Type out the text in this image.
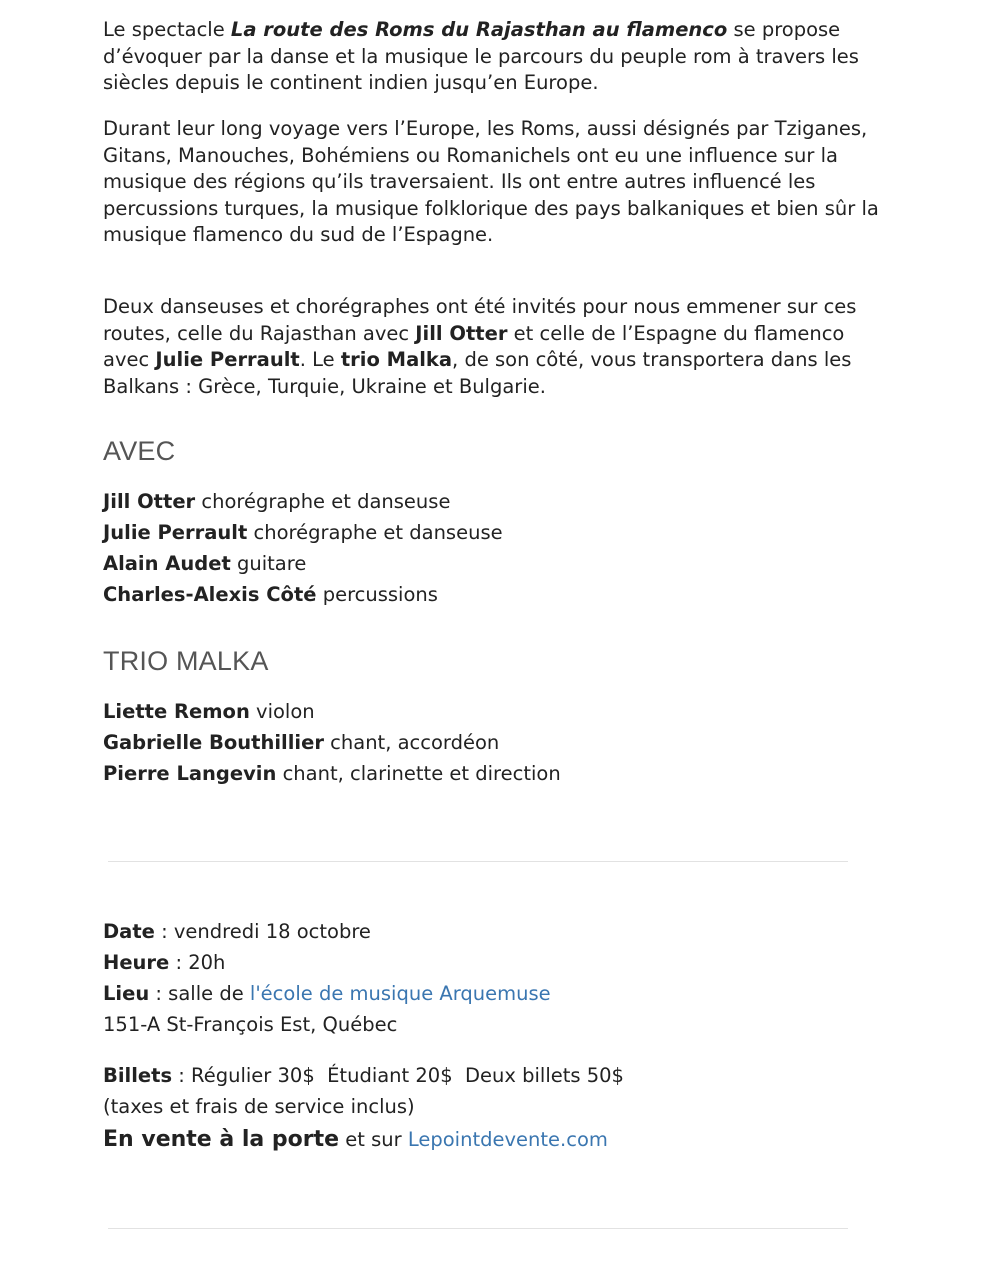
Le spectacle La route des Roms du Rajasthan au flamenco se propose d’évoquer par la danse et la musique le parcours du peuple rom à travers les siècles depuis le continent indien jusqu’en Europe.

Durant leur long voyage vers l’Europe, les Roms, aussi désignés par Tziganes, Gitans, Manouches, Bohémiens ou Romanichels ont eu une influence sur la musique des régions qu’ils traversaient. Ils ont entre autres influencé les percussions turques, la musique folklorique des pays balkaniques et bien sûr la musique flamenco du sud de l’Espagne.

Deux danseuses et chorégraphes ont été invités pour nous emmener sur ces routes, celle du Rajasthan avec Jill Otter et celle de l’Espagne du flamenco avec Julie Perrault. Le trio Malka, de son côté, vous transportera dans les Balkans : Grèce, Turquie, Ukraine et Bulgarie.

AVEC
Jill Otter chorégraphe et danseuse
Julie Perrault chorégraphe et danseuse
Alain Audet guitare
Charles-Alexis Côté percussions
TRIO MALKA
Liette Remon violon
Gabrielle Bouthillier chant, accordéon
Pierre Langevin chant, clarinette et direction
Date : vendredi 18 octobre
Heure : 20h
Lieu : salle de l'école de musique Arquemuse
151-A St-François Est, Québec
Billets : Régulier 30$  Étudiant 20$  Deux billets 50$
(taxes et frais de service inclus)
En vente à la porte et sur Lepointdevente.com
